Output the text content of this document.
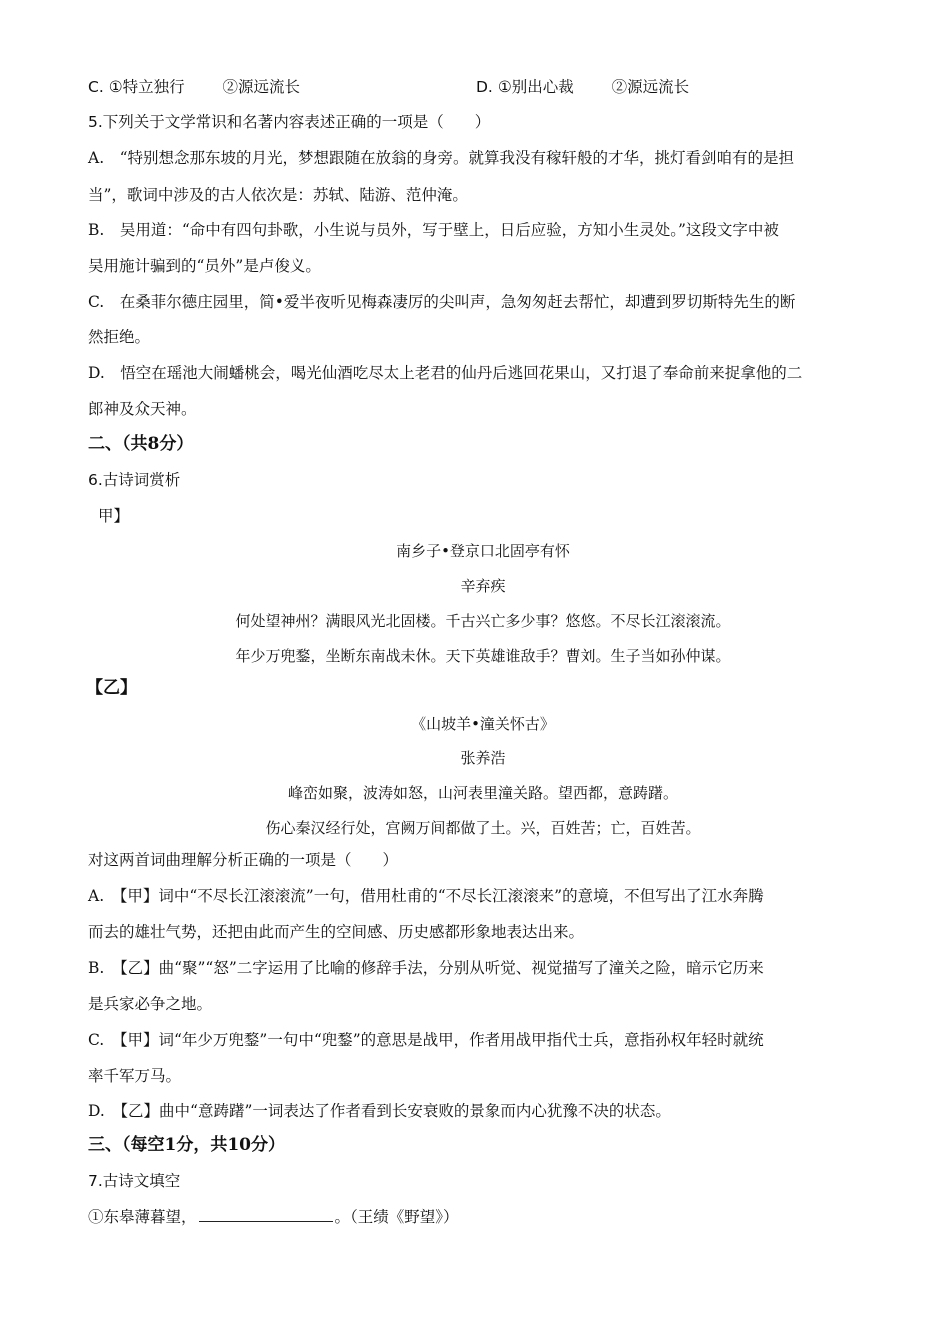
C. ①特立独行 ②源远流长	D. ①别出心裁 ②源远流长
5.下列关于文学常识和名著内容表述正确的一项是（　　）
A.　“特别想念那东坡的月光，梦想跟随在放翁的身旁。就算我没有稼轩般的才华，挑灯看剑咱有的是担
当”，歌词中涉及的古人依次是：苏轼、陆游、范仲淹。
B.　吴用道：“命中有四句卦歌，小生说与员外，写于壁上，日后应验，方知小生灵处。”这段文字中被
吴用施计骗到的“员外”是卢俊义。
C.　在桑菲尔德庄园里，简•爱半夜听见梅森凄厉的尖叫声，急匆匆赶去帮忙，却遭到罗切斯特先生的断
然拒绝。
D.　悟空在瑶池大闹蟠桃会，喝光仙酒吃尽太上老君的仙丹后逃回花果山，又打退了奉命前来捉拿他的二
郎神及众天神。
二、（共8分）
6.古诗词赏析
甲】
南乡子•登京口北固亭有怀
辛弃疾
何处望神州？满眼风光北固楼。千古兴亡多少事？悠悠。不尽长江滚滚流。
年少万兜鍪，坐断东南战未休。天下英雄谁敌手？曹刘。生子当如孙仲谋。
【乙】
《山坡羊•潼关怀古》
张养浩
峰峦如聚，波涛如怒，山河表里潼关路。望西都，意踌躇。
伤心秦汉经行处，宫阙万间都做了土。兴，百姓苦；亡，百姓苦。
对这两首词曲理解分析正确的一项是（　　）
A.　【甲】词中“不尽长江滚滚流”一句，借用杜甫的“不尽长江滚滚来”的意境，不但写出了江水奔腾
而去的雄壮气势，还把由此而产生的空间感、历史感都形象地表达出来。
B.　【乙】曲“聚”“怒”二字运用了比喻的修辞手法，分别从听觉、视觉描写了潼关之险，暗示它历来
是兵家必争之地。
C.　【甲】词“年少万兜鍪”一句中“兜鍪”的意思是战甲，作者用战甲指代士兵，意指孙权年轻时就统
率千军万马。
D.　【乙】曲中“意踌躇”一词表达了作者看到长安衰败的景象而内心犹豫不决的状态。
三、（每空1分，共10分）
7.古诗文填空
①东皋薄暮望，	。（王绩《野望》）
